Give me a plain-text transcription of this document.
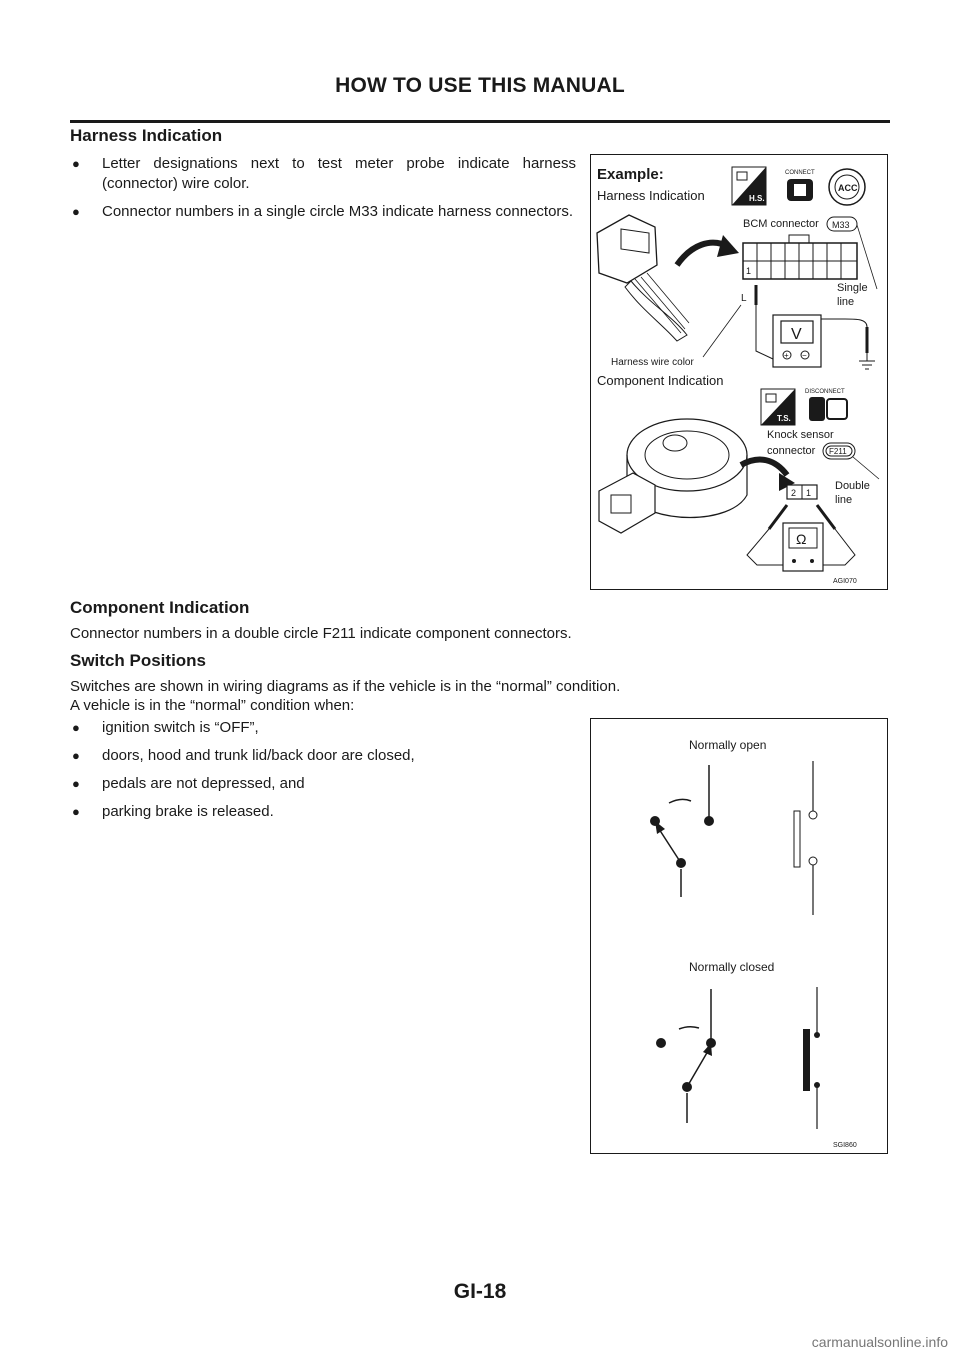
HOW TO USE THIS MANUAL
Harness Indication
● Letter designations next to test meter probe indicate harness (connector) wire color.
● Connector numbers in a single circle M33 indicate harness connectors.
Example:
Harness Indication	H.S.
CONNECT
ACC
BCM connector M33
1
Single
line
L
V
+ −
Harness wire color
Component Indication
T.S.
DISCONNECT
Knock sensor
connector F211
Double
line
2 1
Ω
AGI070
Component Indication

Connector numbers in a double circle F211 indicate component connectors.

Switch Positions

Switches are shown in wiring diagrams as if the vehicle is in the “normal” condition.

A vehicle is in the “normal” condition when:

● ignition switch is “OFF”,
● doors, hood and trunk lid/back door are closed,
● pedals are not depressed, and
● parking brake is released.
Normally open
Normally closed
SGI860
GI-18
carmanualsonline.info
